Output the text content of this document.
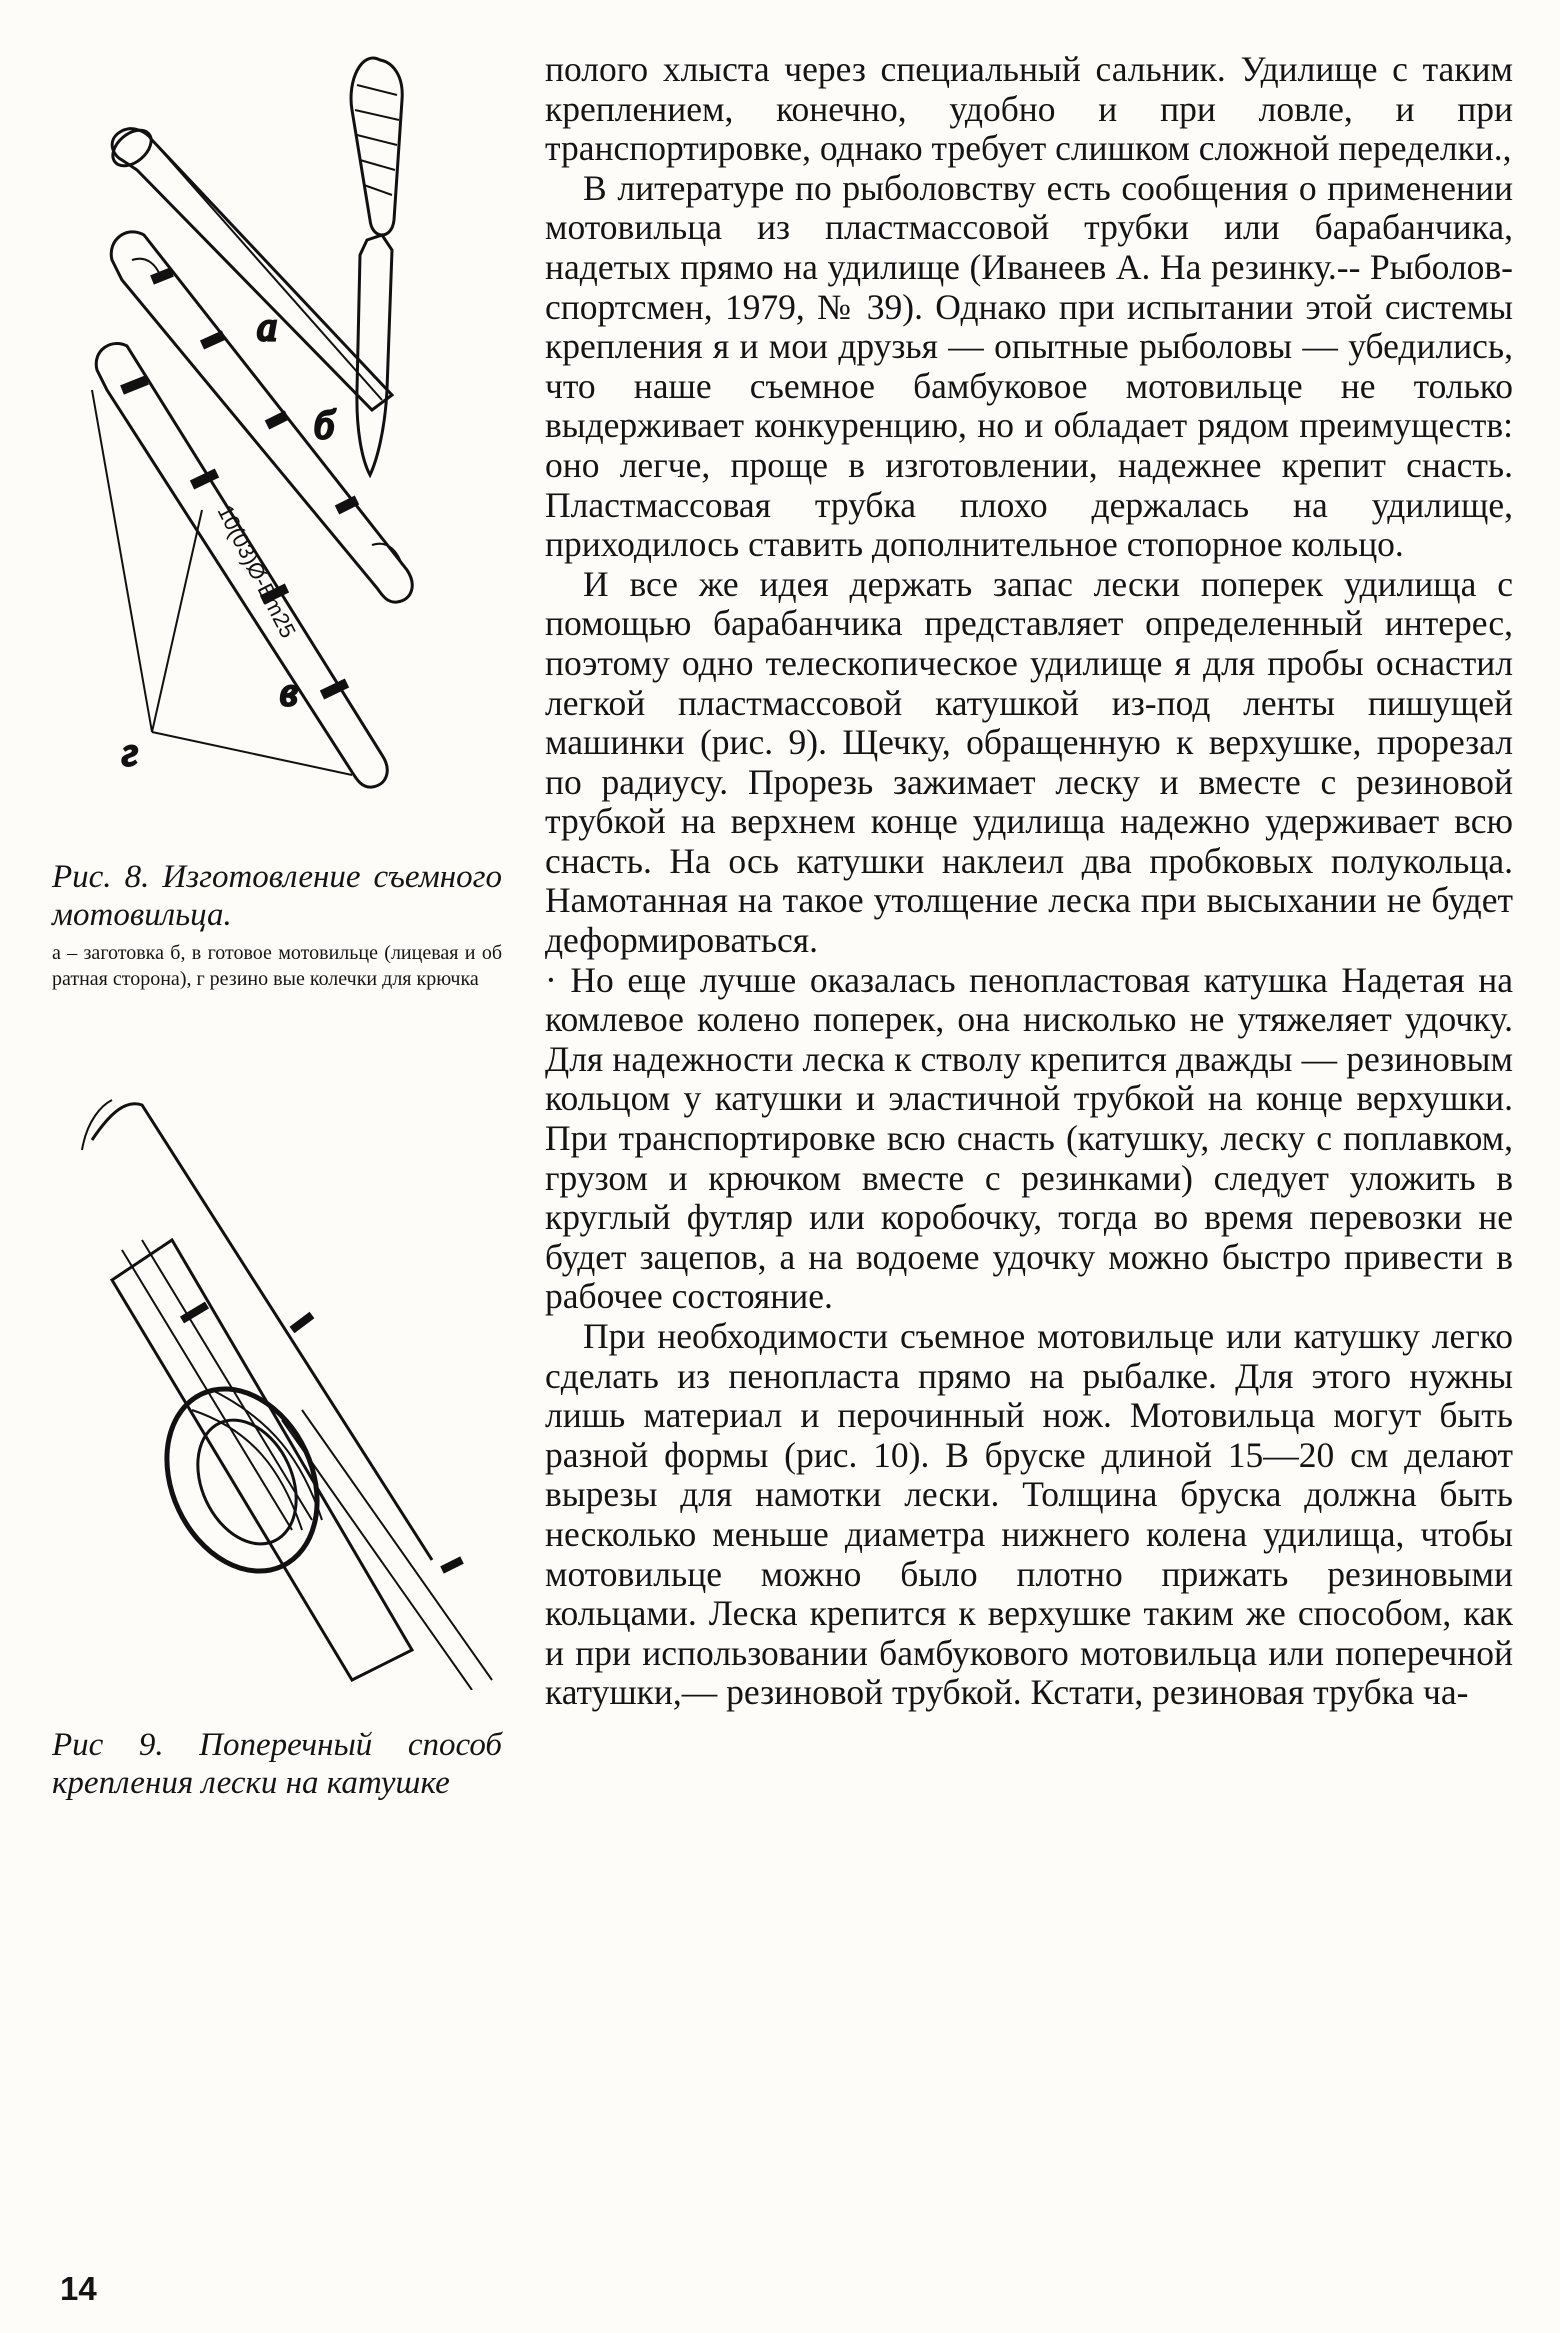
а
б
10(03)Ø-Bm25
в
г

Рис. 8. Изготовление съемного мотовильца.

а – заготовка б, в готовое мотовильце (лицевая и об ратная сторона), г резино вые колечки для крючка

Рис 9. Поперечный способ крепления лески на катушке

полого хлыста через специальный сальник. Удилище с таким креплением, конечно, удобно и при ловле, и при транспортировке, однако требует слишком сложной переделки.,

В литературе по рыболовству есть сообщения о применении мотовильца из пластмассовой трубки или барабанчика, надетых прямо на удилище (Иванеев А. На резинку.-- Рыболов-спортсмен, 1979, № 39). Однако при испытании этой системы крепления я и мои друзья — опытные рыболовы — убедились, что наше съемное бамбуковое мотовильце не только выдерживает конкуренцию, но и обладает рядом преимуществ: оно легче, проще в изготовлении, надежнее крепит снасть. Пластмассовая трубка плохо держалась на удилище, приходилось ставить дополнительное стопорное кольцо.

И все же идея держать запас лески поперек удилища с помощью барабанчика представляет определенный интерес, поэтому одно телескопическое удилище я для пробы оснастил легкой пластмассовой катушкой из-под ленты пишущей машинки (рис. 9). Щечку, обращенную к верхушке, прорезал по радиусу. Прорезь зажимает леску и вместе с резиновой трубкой на верхнем конце удилища надежно удерживает всю снасть. На ось катушки наклеил два пробковых полукольца. Намотанная на такое утолщение леска при высыхании не будет деформироваться.

· Но еще лучше оказалась пенопластовая катушка Надетая на комлевое колено поперек, она нисколько не утяжеляет удочку. Для надежности леска к стволу крепится дважды — резиновым кольцом у катушки и эластичной трубкой на конце верхушки. При транспортировке всю снасть (катушку, леску с поплавком, грузом и крючком вместе с резинками) следует уложить в круглый футляр или коробочку, тогда во время перевозки не будет зацепов, а на водоеме удочку можно быстро привести в рабочее состояние.

При необходимости съемное мотовильце или катушку легко сделать из пенопласта прямо на рыбалке. Для этого нужны лишь материал и перочинный нож. Мотовильца могут быть разной формы (рис. 10). В бруске длиной 15—20 см делают вырезы для намотки лески. Толщина бруска должна быть несколько меньше диаметра нижнего колена удилища, чтобы мотовильце можно было плотно прижать резиновыми кольцами. Леска крепится к верхушке таким же способом, как и при использовании бамбукового мотовильца или поперечной катушки,— резиновой трубкой. Кстати, резиновая трубка ча-

14
